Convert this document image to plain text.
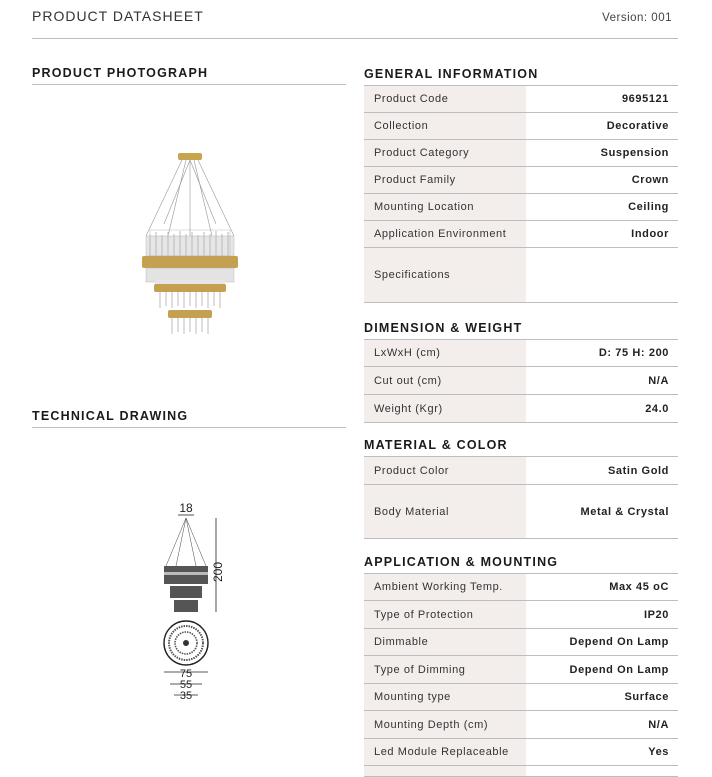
PRODUCT DATASHEET	Version: 001
PRODUCT PHOTOGRAPH
TECHNICAL DRAWING
18
200
75
55
35
GENERAL INFORMATION
Product Code	9695121
Collection	Decorative
Product Category	Suspension
Product Family	Crown
Mounting Location	Ceiling
Application Environment	Indoor
Specifications
DIMENSION & WEIGHT
LxWxH (cm)	D: 75 H: 200
Cut out (cm)	N/A
Weight (Kgr)	24.0
MATERIAL & COLOR
Product Color	Satin Gold
Body Material	Metal & Crystal
APPLICATION & MOUNTING
Ambient Working Temp.	Max 45 oC
Type of Protection	IP20
Dimmable	Depend On Lamp
Type of Dimming	Depend On Lamp
Mounting type	Surface
Mounting Depth (cm)	N/A
Led Module Replaceable	Yes
